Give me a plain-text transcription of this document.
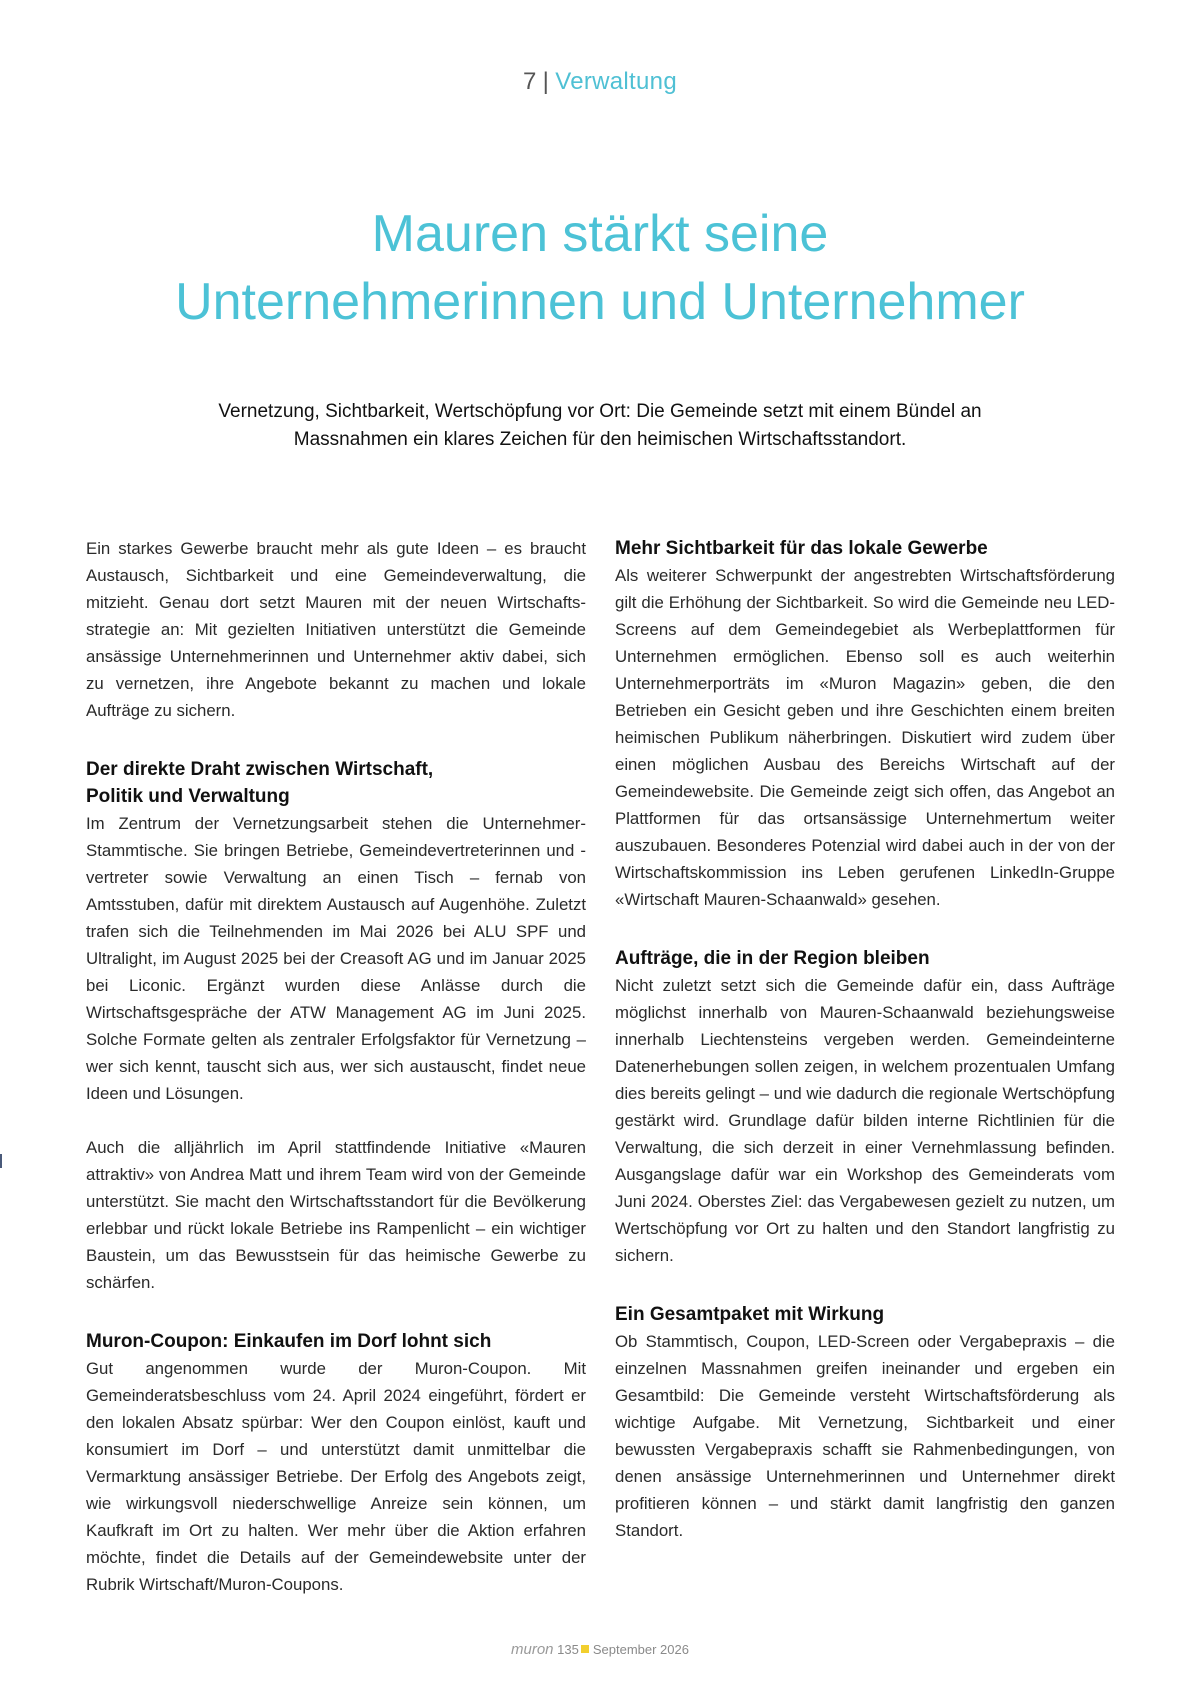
7 | Verwaltung
Mauren stärkt seine
Unternehmerinnen und Unternehmer
Vernetzung, Sichtbarkeit, Wertschöpfung vor Ort: Die Gemeinde setzt mit einem Bündel an
Massnahmen ein klares Zeichen für den heimischen Wirtschaftsstandort.

Ein starkes Gewerbe braucht mehr als gute Ideen – es braucht Austausch, Sichtbarkeit und eine Gemeindeverwaltung, die mitzieht. Genau dort setzt Mauren mit der neuen Wirtschaftsstrategie an: Mit gezielten Initiativen unterstützt die Gemeinde ansässige Unternehmerinnen und Unternehmer aktiv dabei, sich zu vernetzen, ihre Angebote bekannt zu machen und lokale Aufträge zu sichern.

Der direkte Draht zwischen Wirtschaft,
Politik und Verwaltung

Im Zentrum der Vernetzungsarbeit stehen die Unternehmer-Stammtische. Sie bringen Betriebe, Gemeindevertreterinnen und -vertreter sowie Verwaltung an einen Tisch – fernab von Amtsstuben, dafür mit direktem Austausch auf Augenhöhe. Zuletzt trafen sich die Teilnehmenden im Mai 2026 bei ALU SPF und Ultralight, im August 2025 bei der Creasoft AG und im Januar 2025 bei Liconic. Ergänzt wurden diese Anlässe durch die Wirtschaftsgespräche der ATW Management AG im Juni 2025. Solche Formate gelten als zentraler Erfolgsfaktor für Vernetzung – wer sich kennt, tauscht sich aus, wer sich austauscht, findet neue Ideen und Lösungen.

Auch die alljährlich im April stattfindende Initiative «Mauren attraktiv» von Andrea Matt und ihrem Team wird von der Gemeinde unterstützt. Sie macht den Wirtschaftsstandort für die Bevölkerung erlebbar und rückt lokale Betriebe ins Rampenlicht – ein wichtiger Baustein, um das Bewusstsein für das heimische Gewerbe zu schärfen.

Muron-Coupon: Einkaufen im Dorf lohnt sich

Gut angenommen wurde der Muron-Coupon. Mit Gemeinderatsbeschluss vom 24. April 2024 eingeführt, fördert er den lokalen Absatz spürbar: Wer den Coupon einlöst, kauft und konsumiert im Dorf – und unterstützt damit unmittelbar die Vermarktung ansässiger Betriebe. Der Erfolg des Angebots zeigt, wie wirkungsvoll niederschwellige Anreize sein können, um Kaufkraft im Ort zu halten. Wer mehr über die Aktion erfahren möchte, findet die Details auf der Gemeindewebsite unter der Rubrik Wirtschaft/Muron-Coupons.

Mehr Sichtbarkeit für das lokale Gewerbe

Als weiterer Schwerpunkt der angestrebten Wirtschaftsförderung gilt die Erhöhung der Sichtbarkeit. So wird die Gemeinde neu LED-Screens auf dem Gemeindegebiet als Werbeplattformen für Unternehmen ermöglichen. Ebenso soll es auch weiterhin Unternehmerporträts im «Muron Magazin» geben, die den Betrieben ein Gesicht geben und ihre Geschichten einem breiten heimischen Publikum näherbringen. Diskutiert wird zudem über einen möglichen Ausbau des Bereichs Wirtschaft auf der Gemeindewebsite. Die Gemeinde zeigt sich offen, das Angebot an Plattformen für das ortsansässige Unternehmertum weiter auszubauen. Besonderes Potenzial wird dabei auch in der von der Wirtschaftskommission ins Leben gerufenen LinkedIn-Gruppe «Wirtschaft Mauren-Schaanwald» gesehen.

Aufträge, die in der Region bleiben

Nicht zuletzt setzt sich die Gemeinde dafür ein, dass Aufträge möglichst innerhalb von Mauren-Schaanwald beziehungsweise innerhalb Liechtensteins vergeben werden. Gemeindeinterne Datenerhebungen sollen zeigen, in welchem prozentualen Umfang dies bereits gelingt – und wie dadurch die regionale Wertschöpfung gestärkt wird. Grundlage dafür bilden interne Richtlinien für die Verwaltung, die sich derzeit in einer Vernehmlassung befinden. Ausgangslage dafür war ein Workshop des Gemeinderats vom Juni 2024. Oberstes Ziel: das Vergabewesen gezielt zu nutzen, um Wertschöpfung vor Ort zu halten und den Standort langfristig zu sichern.

Ein Gesamtpaket mit Wirkung

Ob Stammtisch, Coupon, LED-Screen oder Vergabepraxis – die einzelnen Massnahmen greifen ineinander und ergeben ein Gesamtbild: Die Gemeinde versteht Wirtschaftsförderung als wichtige Aufgabe. Mit Vernetzung, Sichtbarkeit und einer bewussten Vergabepraxis schafft sie Rahmenbedingungen, von denen ansässige Unternehmerinnen und Unternehmer direkt profitieren können – und stärkt damit langfristig den ganzen Standort.

muron 135 September 2026
